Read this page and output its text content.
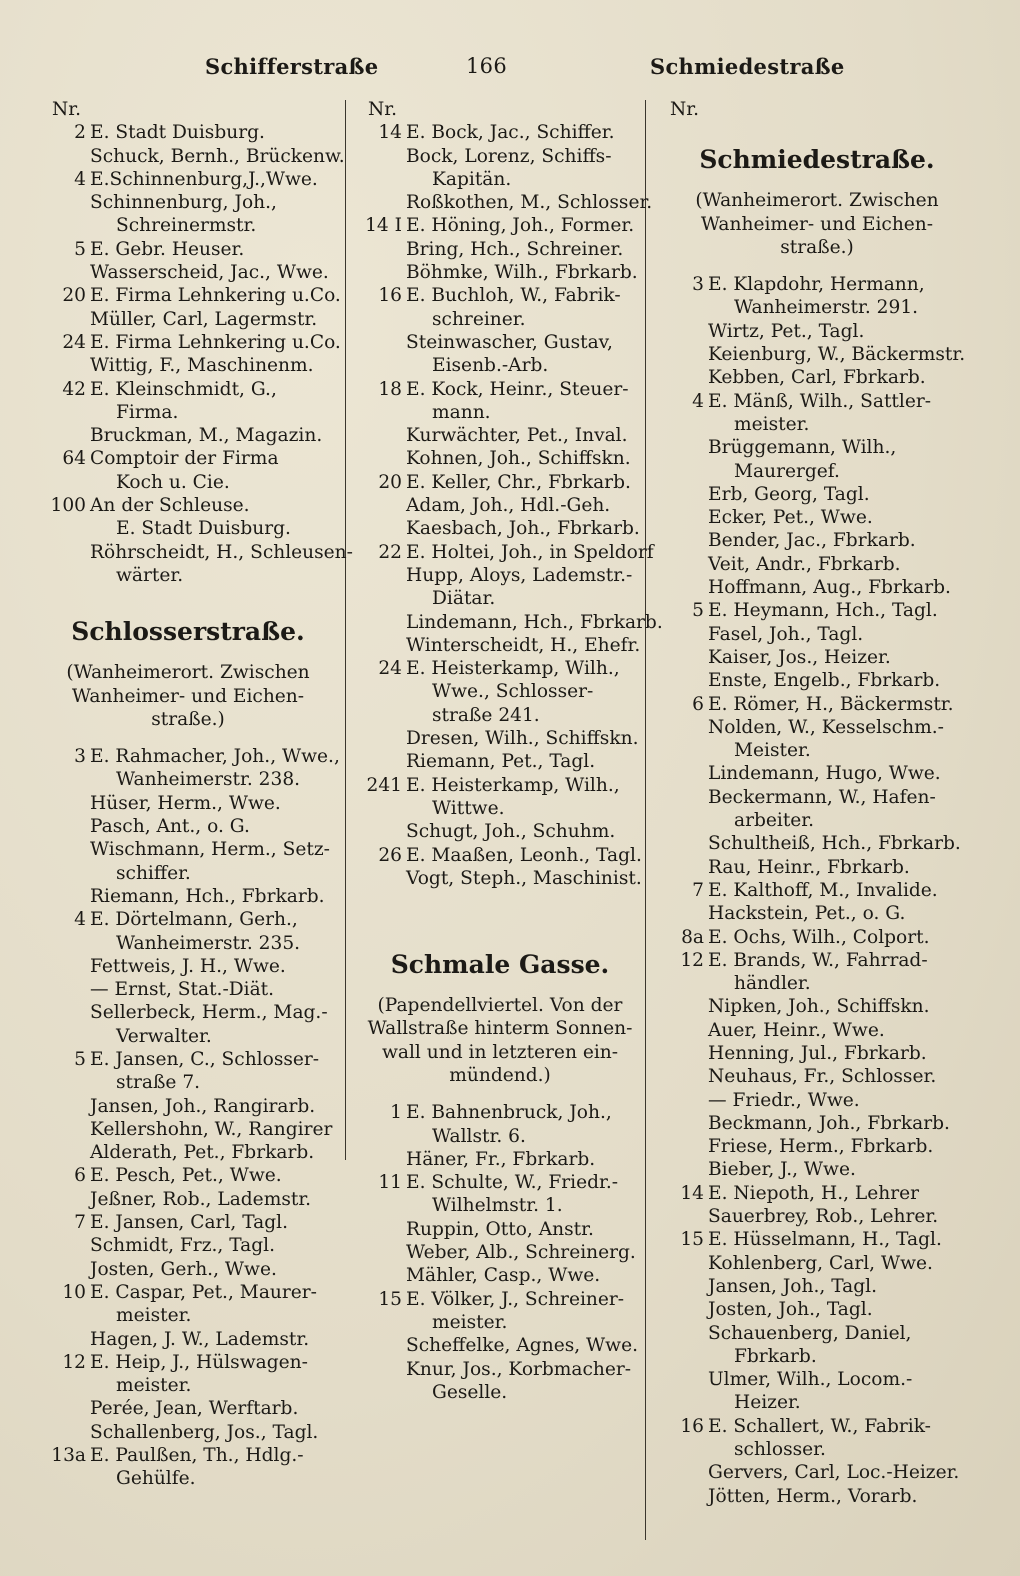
Schifferstraße	166	Schmiedestraße
Nr.
2 E. Stadt Duisburg.
Schuck, Bernh., Brückenw.
4 E.Schinnenburg,J.,Wwe.
Schinnenburg, Joh.,
Schreinermstr.
5 E. Gebr. Heuser.
Wasserscheid, Jac., Wwe.
20 E. Firma Lehnkering u.Co.
Müller, Carl, Lagermstr.
24 E. Firma Lehnkering u.Co.
Wittig, F., Maschinenm.
42 E. Kleinschmidt, G.,
Firma.
Bruckman, M., Magazin.
64 Comptoir der Firma
Koch u. Cie.
100 An der Schleuse.
E. Stadt Duisburg.
Röhrscheidt, H., Schleusen-
wärter.
Schlosserstraße.
(Wanheimerort. Zwischen
Wanheimer- und Eichen-
straße.)
3 E. Rahmacher, Joh., Wwe.,
Wanheimerstr. 238.
Hüser, Herm., Wwe.
Pasch, Ant., o. G.
Wischmann, Herm., Setz-
schiffer.
Riemann, Hch., Fbrkarb.
4 E. Dörtelmann, Gerh.,
Wanheimerstr. 235.
Fettweis, J. H., Wwe.
— Ernst, Stat.-Diät.
Sellerbeck, Herm., Mag.-
Verwalter.
5 E. Jansen, C., Schlosser-
straße 7.
Jansen, Joh., Rangirarb.
Kellershohn, W., Rangirer
Alderath, Pet., Fbrkarb.
6 E. Pesch, Pet., Wwe.
Jeßner, Rob., Lademstr.
7 E. Jansen, Carl, Tagl.
Schmidt, Frz., Tagl.
Josten, Gerh., Wwe.
10 E. Caspar, Pet., Maurer-
meister.
Hagen, J. W., Lademstr.
12 E. Heip, J., Hülswagen-
meister.
Perée, Jean, Werftarb.
Schallenberg, Jos., Tagl.
13a E. Paulßen, Th., Hdlg.-
Gehülfe.
Nr.
14 E. Bock, Jac., Schiffer.
Bock, Lorenz, Schiffs-
Kapitän.
Roßkothen, M., Schlosser.
14 I E. Höning, Joh., Former.
Bring, Hch., Schreiner.
Böhmke, Wilh., Fbrkarb.
16 E. Buchloh, W., Fabrik-
schreiner.
Steinwascher, Gustav,
Eisenb.-Arb.
18 E. Kock, Heinr., Steuer-
mann.
Kurwächter, Pet., Inval.
Kohnen, Joh., Schiffskn.
20 E. Keller, Chr., Fbrkarb.
Adam, Joh., Hdl.-Geh.
Kaesbach, Joh., Fbrkarb.
22 E. Holtei, Joh., in Speldorf
Hupp, Aloys, Lademstr.-
Diätar.
Lindemann, Hch., Fbrkarb.
Winterscheidt, H., Ehefr.
24 E. Heisterkamp, Wilh.,
Wwe., Schlosser-
straße 241.
Dresen, Wilh., Schiffskn.
Riemann, Pet., Tagl.
241 E. Heisterkamp, Wilh.,
Wittwe.
Schugt, Joh., Schuhm.
26 E. Maaßen, Leonh., Tagl.
Vogt, Steph., Maschinist.
Schmale Gasse.
(Papendellviertel. Von der
Wallstraße hinterm Sonnen-
wall und in letzteren ein-
mündend.)
1 E. Bahnenbruck, Joh.,
Wallstr. 6.
Häner, Fr., Fbrkarb.
11 E. Schulte, W., Friedr.-
Wilhelmstr. 1.
Ruppin, Otto, Anstr.
Weber, Alb., Schreinerg.
Mähler, Casp., Wwe.
15 E. Völker, J., Schreiner-
meister.
Scheffelke, Agnes, Wwe.
Knur, Jos., Korbmacher-
Geselle.
Nr.
Schmiedestraße.
(Wanheimerort. Zwischen
Wanheimer- und Eichen-
straße.)
3 E. Klapdohr, Hermann,
Wanheimerstr. 291.
Wirtz, Pet., Tagl.
Keienburg, W., Bäckermstr.
Kebben, Carl, Fbrkarb.
4 E. Mänß, Wilh., Sattler-
meister.
Brüggemann, Wilh.,
Maurergef.
Erb, Georg, Tagl.
Ecker, Pet., Wwe.
Bender, Jac., Fbrkarb.
Veit, Andr., Fbrkarb.
Hoffmann, Aug., Fbrkarb.
5 E. Heymann, Hch., Tagl.
Fasel, Joh., Tagl.
Kaiser, Jos., Heizer.
Enste, Engelb., Fbrkarb.
6 E. Römer, H., Bäckermstr.
Nolden, W., Kesselschm.-
Meister.
Lindemann, Hugo, Wwe.
Beckermann, W., Hafen-
arbeiter.
Schultheiß, Hch., Fbrkarb.
Rau, Heinr., Fbrkarb.
7 E. Kalthoff, M., Invalide.
Hackstein, Pet., o. G.
8a E. Ochs, Wilh., Colport.
12 E. Brands, W., Fahrrad-
händler.
Nipken, Joh., Schiffskn.
Auer, Heinr., Wwe.
Henning, Jul., Fbrkarb.
Neuhaus, Fr., Schlosser.
— Friedr., Wwe.
Beckmann, Joh., Fbrkarb.
Friese, Herm., Fbrkarb.
Bieber, J., Wwe.
14 E. Niepoth, H., Lehrer
Sauerbrey, Rob., Lehrer.
15 E. Hüsselmann, H., Tagl.
Kohlenberg, Carl, Wwe.
Jansen, Joh., Tagl.
Josten, Joh., Tagl.
Schauenberg, Daniel,
Fbrkarb.
Ulmer, Wilh., Locom.-
Heizer.
16 E. Schallert, W., Fabrik-
schlosser.
Gervers, Carl, Loc.-Heizer.
Jötten, Herm., Vorarb.
